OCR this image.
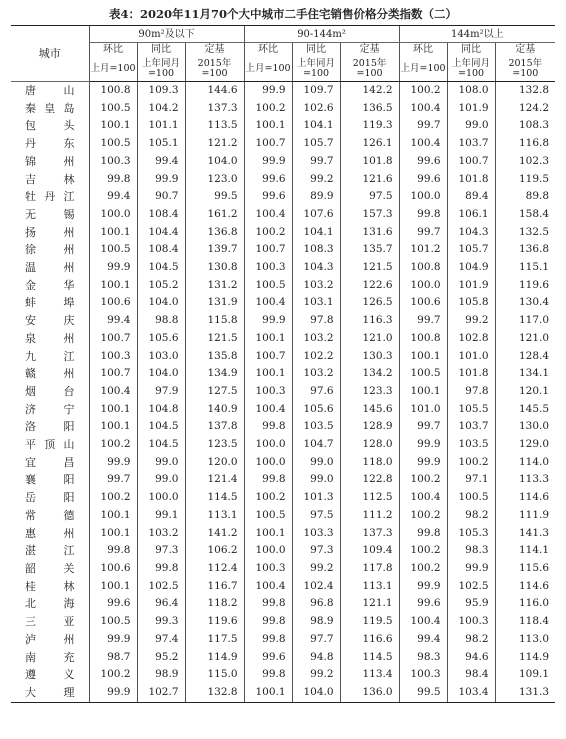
表4：2020年11月70个大中城市二手住宅销售价格分类指数（二）
城市	90m²及以下			90-144m²			144m²以上		
	环比	同比	定基	环比	同比	定基	环比	同比	定基
	上月=100	上年同月=100	2015年=100	上月=100	上年同月=100	2015年=100	上月=100	上年同月=100	2015年=100
唐山	100.8	109.3	144.6	99.9	109.7	142.2	100.2	108.0	132.8
秦皇岛	100.5	104.2	137.3	100.2	102.6	136.5	100.4	101.9	124.2
包头	100.1	101.1	113.5	100.1	104.1	119.3	99.7	99.0	108.3
丹东	100.5	105.1	121.2	100.7	105.7	126.1	100.4	103.7	116.8
锦州	100.3	99.4	104.0	99.9	99.7	101.8	99.6	100.7	102.3
吉林	99.8	99.9	123.0	99.6	99.2	121.6	99.6	101.8	119.5
牡丹江	99.4	90.7	99.5	99.6	89.9	97.5	100.0	89.4	89.8
无锡	100.0	108.4	161.2	100.4	107.6	157.3	99.8	106.1	158.4
扬州	100.1	104.4	136.8	100.2	104.1	131.6	99.7	104.3	132.5
徐州	100.5	108.4	139.7	100.7	108.3	135.7	101.2	105.7	136.8
温州	99.9	104.5	130.8	100.3	104.3	121.5	100.8	104.9	115.1
金华	100.1	105.2	131.2	100.5	103.2	122.6	100.0	101.9	119.6
蚌埠	100.6	104.0	131.9	100.4	103.1	126.5	100.6	105.8	130.4
安庆	99.4	98.8	115.8	99.9	97.8	116.3	99.7	99.2	117.0
泉州	100.7	105.6	121.5	100.1	103.2	121.0	100.8	102.8	121.0
九江	100.3	103.0	135.8	100.7	102.2	130.3	100.1	101.0	128.4
赣州	100.7	104.0	134.9	100.1	103.2	134.2	100.5	101.8	134.1
烟台	100.4	97.9	127.5	100.3	97.6	123.3	100.1	97.8	120.1
济宁	100.1	104.8	140.9	100.4	105.6	145.6	101.0	105.5	145.5
洛阳	100.1	104.5	137.8	99.8	103.5	128.9	99.7	103.7	130.0
平顶山	100.2	104.5	123.5	100.0	104.7	128.0	99.9	103.5	129.0
宜昌	99.9	99.0	120.0	100.0	99.0	118.0	99.9	100.2	114.0
襄阳	99.7	99.0	121.4	99.8	99.0	122.8	100.2	97.1	113.3
岳阳	100.2	100.0	114.5	100.2	101.3	112.5	100.4	100.5	114.6
常德	100.1	99.1	113.1	100.5	97.5	111.2	100.2	98.2	111.9
惠州	100.1	103.2	141.2	100.1	103.3	137.3	99.8	105.3	141.3
湛江	99.8	97.3	106.2	100.0	97.3	109.4	100.2	98.3	114.1
韶关	100.6	99.8	112.4	100.3	99.2	117.8	100.2	99.9	115.6
桂林	100.1	102.5	116.7	100.4	102.4	113.1	99.9	102.5	114.6
北海	99.6	96.4	118.2	99.8	96.8	121.1	99.6	95.9	116.0
三亚	100.5	99.3	119.6	99.8	98.9	119.5	100.4	100.3	118.4
泸州	99.9	97.4	117.5	99.8	97.7	116.6	99.4	98.2	113.0
南充	98.7	95.2	114.9	99.6	94.8	114.5	98.3	94.6	114.9
遵义	100.2	98.9	115.0	99.8	99.2	113.4	100.3	98.4	109.1
大理	99.9	102.7	132.8	100.1	104.0	136.0	99.5	103.4	131.3
